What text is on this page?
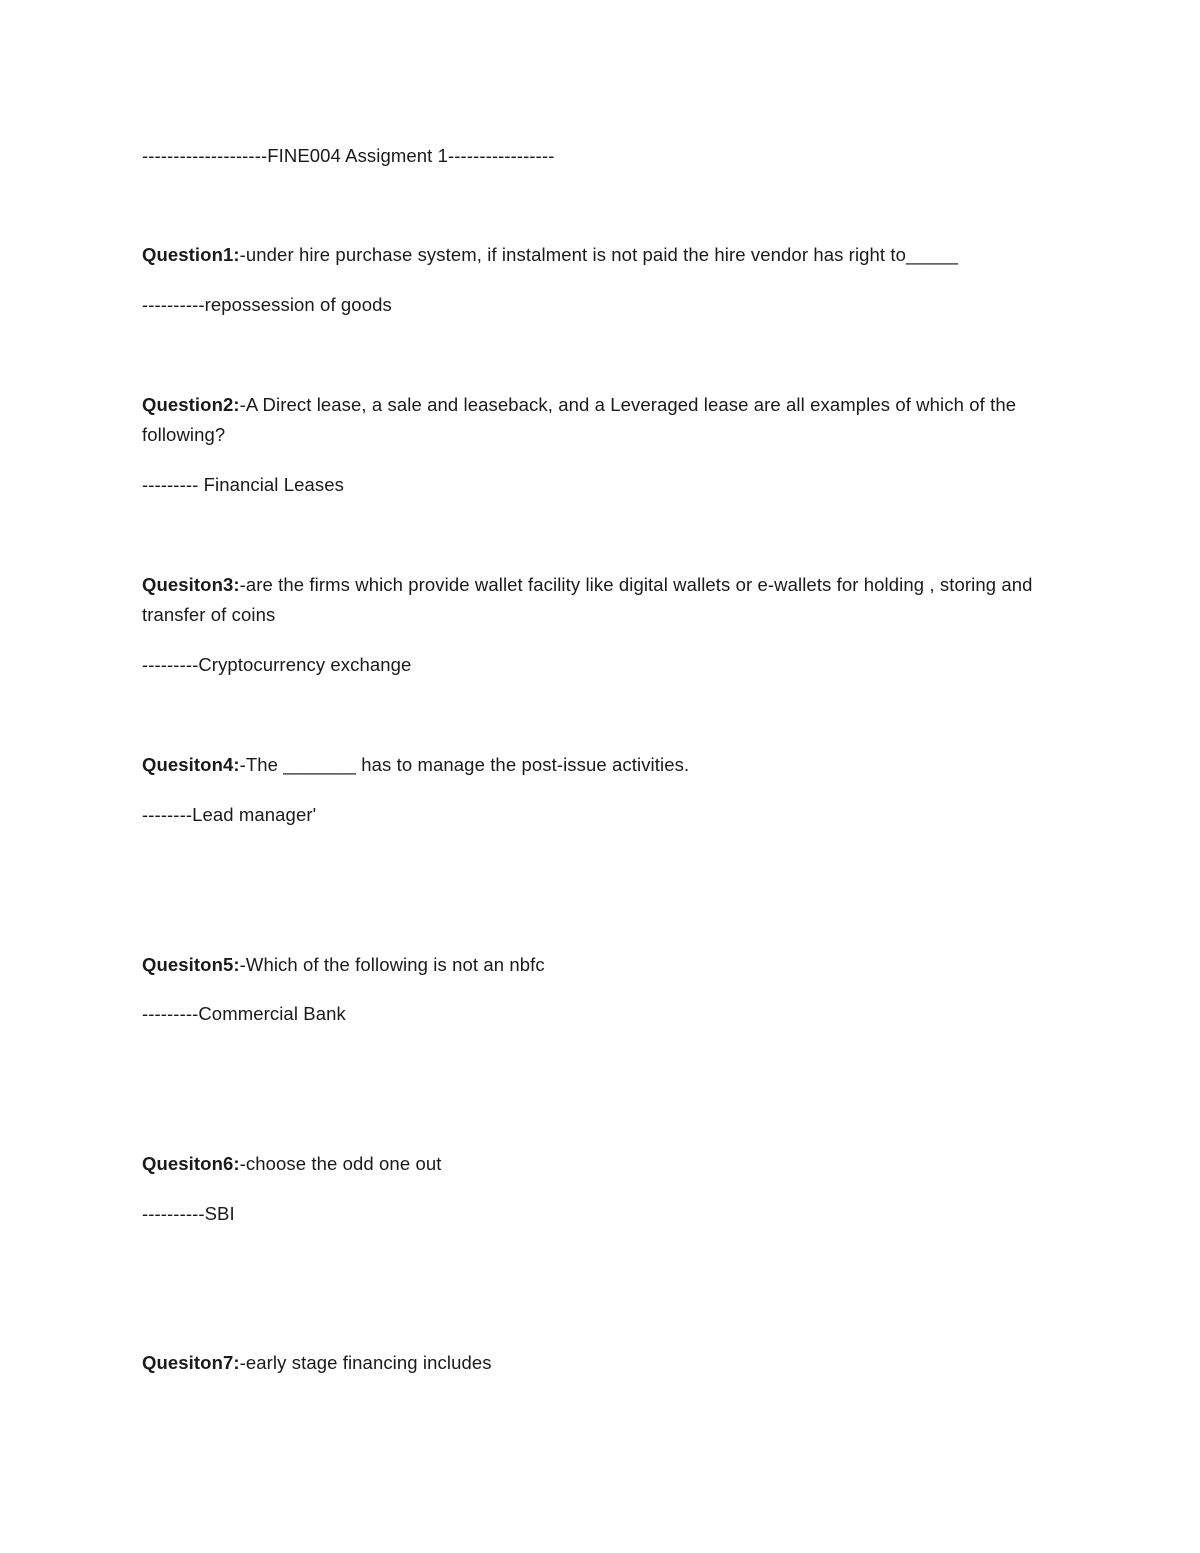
--------------------FINE004 Assigment 1-----------------
Question1:-under hire purchase system, if instalment is not paid the hire vendor has right to_____
----------repossession of goods
Question2:-A Direct lease, a sale and leaseback, and a Leveraged lease are all examples of which of the following?
--------- Financial Leases
Quesiton3:-are the firms which provide wallet facility like digital wallets or e-wallets for holding , storing and transfer of coins
---------Cryptocurrency exchange
Quesiton4:-The _______ has to manage the post-issue activities.
--------Lead manager'
Quesiton5:-Which of the following is not an nbfc
---------Commercial Bank
Quesiton6:-choose the odd one out
----------SBI
Quesiton7:-early stage financing includes
